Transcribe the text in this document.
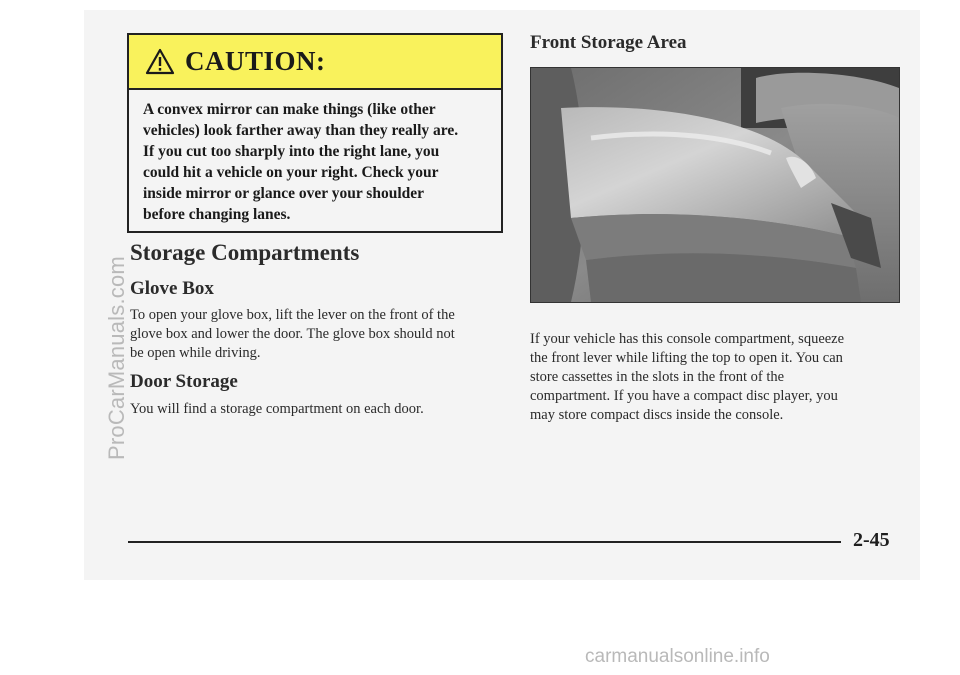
ProCarManuals.com
CAUTION:
A convex mirror can make things (like other
vehicles) look farther away than they really are.
If you cut too sharply into the right lane, you
could hit a vehicle on your right. Check your
inside mirror or glance over your shoulder
before changing lanes.
Storage Compartments
Glove Box
To open your glove box, lift the lever on the front of the
glove box and lower the door. The glove box should not
be open while driving.
Door Storage
You will find a storage compartment on each door.
Front Storage Area
If your vehicle has this console compartment, squeeze
the front lever while lifting the top to open it. You can
store cassettes in the slots in the front of the
compartment. If you have a compact disc player, you
may store compact discs inside the console.
2-45
carmanualsonline.info
